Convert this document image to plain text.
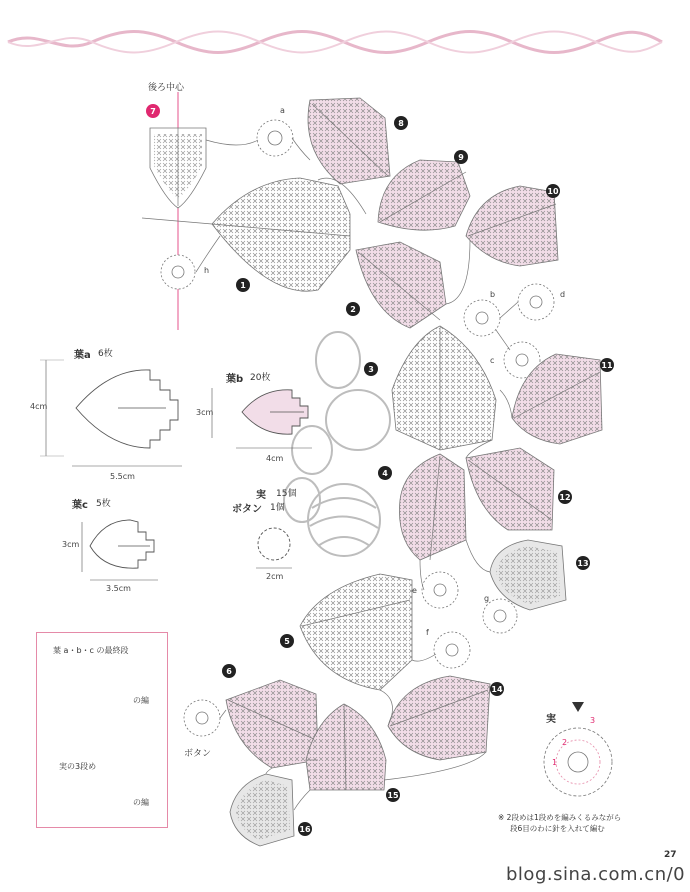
後ろ中心
葉a 6枚
4cm
5.5cm
葉b 20枚
3cm
4cm
葉c 5枚
3cm
3.5cm
実 15個
ボタン 1個
2cm
ボタン
実
7
8
9
10
1
2
3	11
4
12
13
5
6
14
15
16
a
h
b	d
c
e
g
f
1
2
3
葉 a・b・c の最終段
の編
実の3段め
の編
※ 2段めは1段めを編みくるみながら
段6目のわに針を入れて編む
27
blog.sina.com.cn/0
